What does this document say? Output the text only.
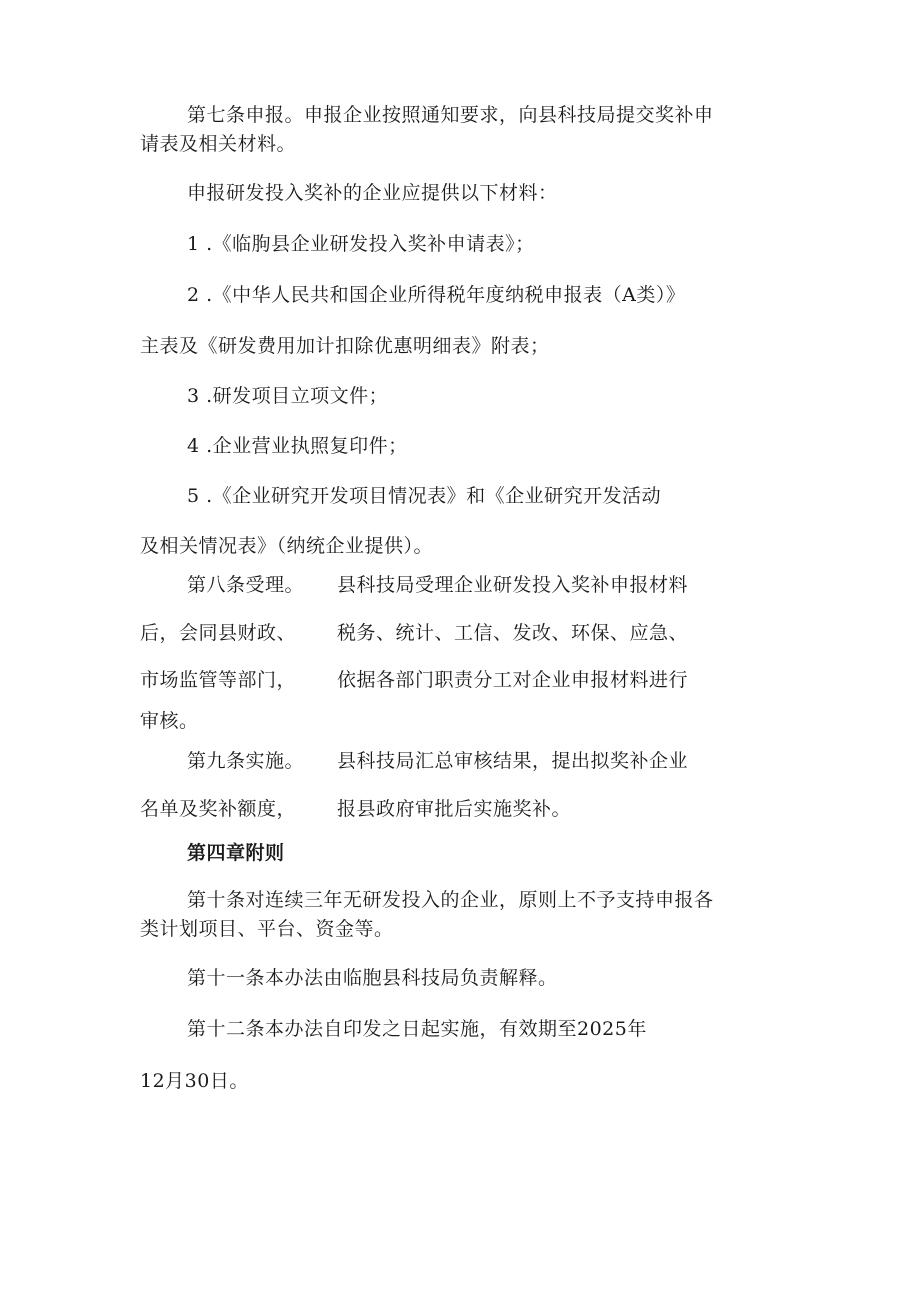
第七条申报。申报企业按照通知要求，向县科技局提交奖补申
请表及相关材料。
申报研发投入奖补的企业应提供以下材料：
1 .《临朐县企业研发投入奖补申请表》；
2 .《中华人民共和国企业所得税年度纳税申报表（A类）》
主表及《研发费用加计扣除优惠明细表》附表；
3 .研发项目立项文件；
4 .企业营业执照复印件；
5 .《企业研究开发项目情况表》和《企业研究开发活动
及相关情况表》（纳统企业提供）。
第八条受理。 县科技局受理企业研发投入奖补申报材料
后，会同县财政、 税务、统计、工信、发改、环保、应急、
市场监管等部门， 依据各部门职责分工对企业申报材料进行
审核。
第九条实施。 县科技局汇总审核结果，提出拟奖补企业
名单及奖补额度， 报县政府审批后实施奖补。
第四章附则
第十条对连续三年无研发投入的企业，原则上不予支持申报各
类计划项目、平台、资金等。
第十一条本办法由临胞县科技局负责解释。
第十二条本办法自印发之日起实施，有效期至2025年
12月30日。
